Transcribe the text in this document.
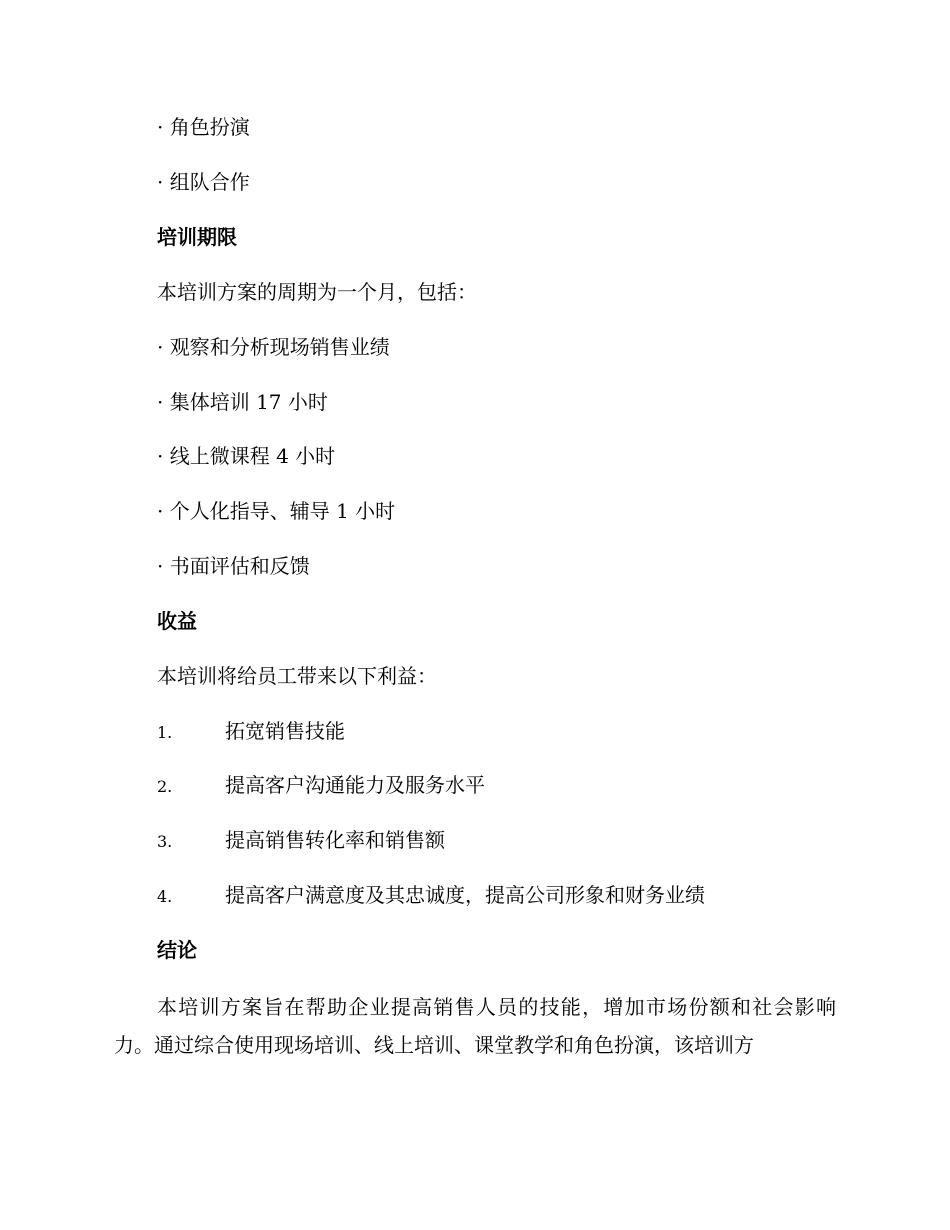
· 角色扮演
· 组队合作
培训期限
本培训方案的周期为一个月，包括：
· 观察和分析现场销售业绩
· 集体培训 17 小时
· 线上微课程 4 小时
· 个人化指导、辅导 1 小时
· 书面评估和反馈
收益
本培训将给员工带来以下利益：
1.	拓宽销售技能
2.	提高客户沟通能力及服务水平
3.	提高销售转化率和销售额
4.	提高客户满意度及其忠诚度，提高公司形象和财务业绩
结论
本培训方案旨在帮助企业提高销售人员的技能，增加市场份额和社会影响力。通过综合使用现场培训、线上培训、课堂教学和角色扮演，该培训方
